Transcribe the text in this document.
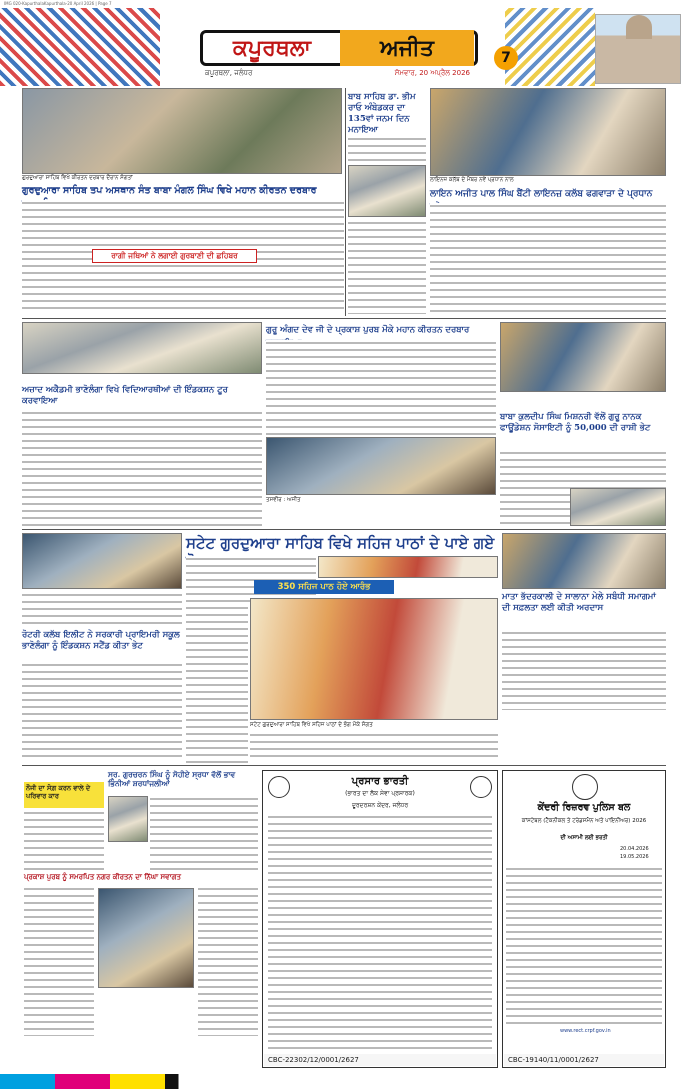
IMG 020-KapurthalaKapurthala-20 April 2026 | Page 7
ਕਪੂਰਥਲਾ	ਅਜੀਤ
ਕਪੂਰਥਲਾ, ਜਲੰਧਰ	ਸੋਮਵਾਰ, 20 ਅਪ੍ਰੈਲ 2026
7
ਗੁਰਦੁਆਰਾ ਸਾਹਿਬ ਵਿਖੇ ਕੀਰਤਨ ਦਰਬਾਰ ਦੌਰਾਨ ਸੰਗਤਾਂ
ਗੁਰਦੁਆਰਾ ਸਾਹਿਬ ਤਪ ਅਸਥਾਨ ਸੰਤ ਬਾਬਾ ਮੰਗਲ ਸਿੰਘ ਵਿਖੇ ਮਹਾਨ ਕੀਰਤਨ ਦਰਬਾਰ
ਰਾਗੀ ਜਥਿਆਂ ਨੇ ਲਗਾਈ ਗੁਰਬਾਣੀ ਦੀ ਛਹਿਬਰ
ਬਾਬ ਸਾਹਿਬ ਡਾ. ਭੀਮ ਰਾਓ ਅੰਬੇਡਕਰ ਦਾ 135ਵਾਂ ਜਨਮ ਦਿਨ ਮਨਾਇਆ
ਲਾਇਨਜ਼ ਕਲੱਬ ਦੇ ਮੈਂਬਰ ਨਵੇਂ ਪ੍ਰਧਾਨ ਨਾਲ
ਲਾਇਨ ਅਜੀਤ ਪਾਲ ਸਿੰਘ ਬੈਂਟੀ ਲਾਇਨਜ਼ ਕਲੱਬ ਫਗਵਾੜਾ ਦੇ ਪ੍ਰਧਾਨ
ਅਜ਼ਾਦ ਅਕੈਡਮੀ ਭਾਣੋਲੰਗਾ ਵਿਖੇ ਵਿਦਿਆਰਥੀਆਂ ਦੀ ਇੰਡਕਸ਼ਨ ਟੂਰ ਕਰਵਾਇਆ
ਗੁਰੂ ਅੰਗਦ ਦੇਵ ਜੀ ਦੇ ਪ੍ਰਕਾਸ਼ ਪੁਰਬ ਮੌਕੇ ਮਹਾਨ ਕੀਰਤਨ ਦਰਬਾਰ
ਤਸਵੀਰ : ਅਜੀਤ
ਬਾਬਾ ਕੁਲਦੀਪ ਸਿੰਘ ਮਿਸ਼ਨਰੀ ਵੱਲੋਂ ਗੁਰੂ ਨਾਨਕ ਫਾਊਂਡੇਸ਼ਨ ਸੋਸਾਇਟੀ ਨੂੰ 50,000 ਦੀ ਰਾਸ਼ੀ ਭੇਟ
ਰੋਟਰੀ ਕਲੱਬ ਇਲੀਟ ਨੇ ਸਰਕਾਰੀ ਪ੍ਰਾਇਮਰੀ ਸਕੂਲ ਭਾਣੋਲੰਗਾ ਨੂੰ ਇੰਡਕਸ਼ਨ ਸਟੈਂਡ ਕੀਤਾ ਭੇਟ
ਸਟੇਟ ਗੁਰਦੁਆਰਾ ਸਾਹਿਬ ਵਿਖੇ ਸਹਿਜ ਪਾਠਾਂ ਦੇ ਪਾਏ ਗਏ
350 ਸਹਿਜ ਪਾਠ ਹੋਏ ਆਰੰਭ
ਸਟੇਟ ਗੁਰਦੁਆਰਾ ਸਾਹਿਬ ਵਿਖੇ ਸਹਿਜ ਪਾਠਾਂ ਦੇ ਭੋਗ ਮੌਕੇ ਸੰਗਤ
ਮਾਤਾ ਭੱਦਰਕਾਲੀ ਦੇ ਸਾਲਾਨਾ ਮੇਲੇ ਸਬੰਧੀ ਸਮਾਗਮਾਂ ਦੀ ਸਫ਼ਲਤਾ ਲਈ ਕੀਤੀ ਅਰਦਾਸ
ਨੌਜੀ ਦਾ ਸੋਗ਼ ਕਰਨ ਵਾਲੇ ਦੇ ਪਰਿਵਾਰ ਕਾਰ
ਸ੍ਰ. ਗੁਰਚਰਨ ਸਿੰਘ ਨੂੰ ਸੋਹੀਏ ਸ੍ਰਧਾ ਵੱਲੋਂ ਭਾਵ ਭਿੰਨੀਆਂ ਸ਼ਰਧਾਂਜਲੀਆਂ
ਪ੍ਰਕਾਸ਼ ਪੁਰਬ ਨੂੰ ਸਮਰਪਿਤ ਨਗਰ ਕੀਰਤਨ ਦਾ ਨਿੱਘਾ ਸਵਾਗਤ
ਪ੍ਰਸਾਰ ਭਾਰਤੀ
(ਭਾਰਤ ਦਾ ਲੋਕ ਸੇਵਾ ਪ੍ਰਸਾਰਕ)
ਦੂਰਦਰਸ਼ਨ ਕੇਂਦਰ, ਜਲੰਧਰ
CBC-22302/12/0001/2627
ਕੇਂਦਰੀ ਰਿਜ਼ਰਵ ਪੁਲਿਸ ਬਲ
ਕਾਂਸਟੇਬਲ (ਟੈਕਨੀਕਲ ਤੇ ਟਰੇਡਸਮੈਨ ਅਤੇ ਪਾਇਨੀਅਰ) 2026
ਦੀ ਅਸਾਮੀ ਲਈ ਭਰਤੀ
20.04.2026
19.05.2026
www.rect.crpf.gov.in
CBC-19140/11/0001/2627
